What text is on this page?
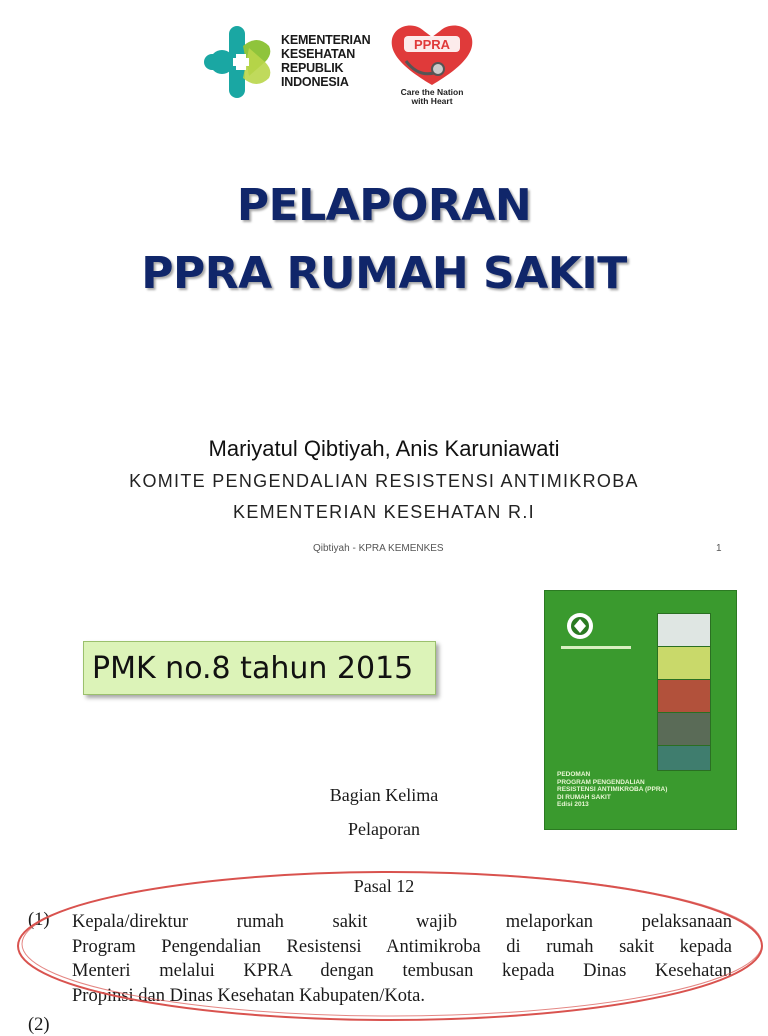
KEMENTERIAN
KESEHATAN
REPUBLIK
INDONESIA
PPRA
Care the Nation
with Heart
PELAPORAN
PPRA RUMAH SAKIT
Mariyatul Qibtiyah, Anis Karuniawati
KOMITE PENGENDALIAN RESISTENSI ANTIMIKROBA
KEMENTERIAN KESEHATAN R.I
Qibtiyah - KPRA KEMENKES	1
PMK no.8 tahun 2015
PEDOMAN
PROGRAM PENGENDALIAN
RESISTENSI ANTIMIKROBA (PPRA)
DI RUMAH SAKIT
Edisi 2013
Bagian Kelima
Pelaporan
Pasal 12
(1) Kepala/direktur rumah sakit wajib melaporkan pelaksanaan
Program Pengendalian Resistensi Antimikroba di rumah sakit kepada
Menteri melalui KPRA dengan tembusan kepada Dinas Kesehatan
Propinsi dan Dinas Kesehatan Kabupaten/Kota.
(2)
